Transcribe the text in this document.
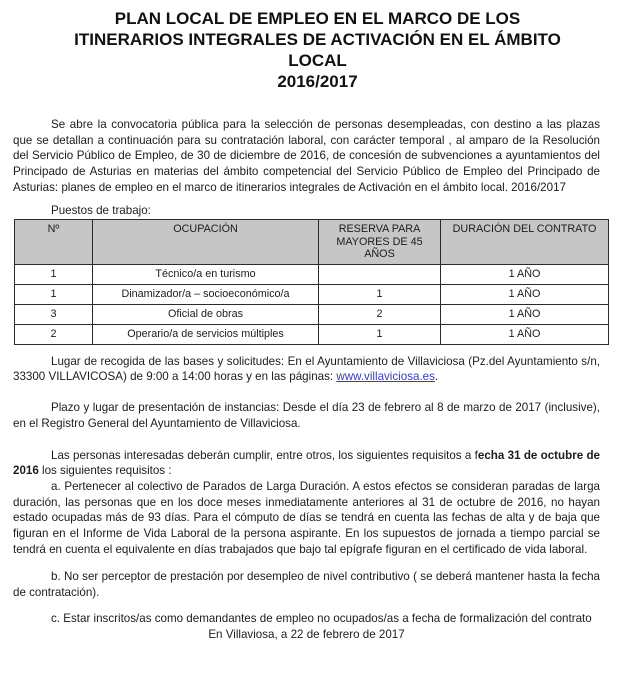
PLAN LOCAL DE EMPLEO EN EL MARCO DE LOS
ITINERARIOS INTEGRALES DE ACTIVACIÓN EN EL ÁMBITO
LOCAL
2016/2017

Se abre la convocatoria pública para la selección de personas desempleadas, con destino a las plazas que se detallan a continuación para su contratación laboral, con carácter temporal , al amparo de la Resolución del Servicio Público de Empleo, de 30 de diciembre de 2016, de concesión de subvenciones a ayuntamientos del Principado de Asturias en materias del ámbito competencial del Servicio Público de Empleo del Principado de Asturias: planes de empleo en el marco de itinerarios integrales de Activación en el ámbito local. 2016/2017

Puestos de trabajo:

Nº	OCUPACIÓN	RESERVA PARA MAYORES DE 45 AÑOS	DURACIÓN DEL CONTRATO
1	Técnico/a en turismo		1 AÑO
1	Dinamizador/a – socioeconómico/a	1	1 AÑO
3	Oficial de obras	2	1 AÑO
2	Operario/a de servicios múltiples	1	1 AÑO

Lugar de recogida de las bases y solicitudes: En el Ayuntamiento de Villaviciosa (Pz.del Ayuntamiento s/n, 33300 VILLAVICOSA) de 9:00 a 14:00 horas y en las páginas: www.villaviciosa.es.

Plazo y lugar de presentación de instancias: Desde el día 23 de febrero al 8 de marzo de 2017 (inclusive), en el Registro General del Ayuntamiento de Villaviciosa.

Las personas interesadas deberán cumplir, entre otros, los siguientes requisitos a fecha 31 de octubre de 2016 los siguientes requisitos :

a. Pertenecer al colectivo de Parados de Larga Duración. A estos efectos se consideran paradas de larga duración, las personas que en los doce meses inmediatamente anteriores al 31 de octubre de 2016, no hayan estado ocupadas más de 93 días. Para el cómputo de días se tendrá en cuenta las fechas de alta y de baja que figuran en el Informe de Vida Laboral de la persona aspirante. En los supuestos de jornada a tiempo parcial se tendrá en cuenta el equivalente en días trabajados que bajo tal epígrafe figuran en el certificado de vida laboral.

b. No ser perceptor de prestación por desempleo de nivel contributivo ( se deberá mantener hasta la fecha de contratación).

c. Estar inscritos/as como demandantes de empleo no ocupados/as a fecha de formalización del contrato

En Villaviosa, a 22 de febrero de 2017
